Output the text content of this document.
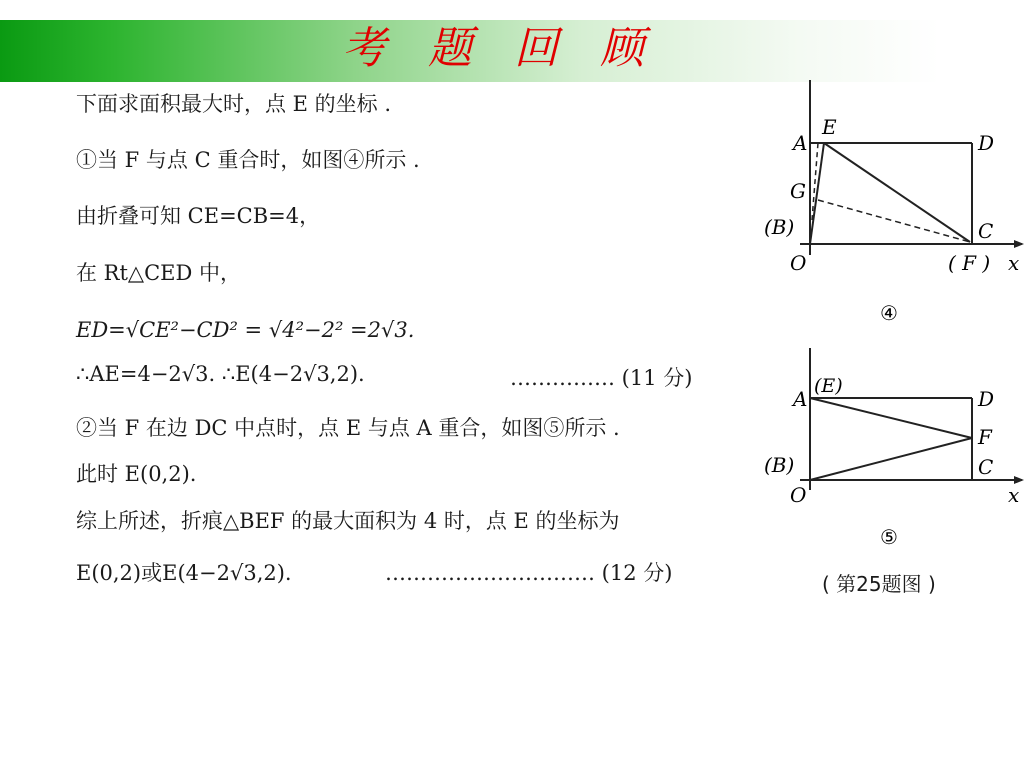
考 题 回 顾
下面求面积最大时，点 E 的坐标 .
①当 F 与点 C 重合时，如图④所示 .
由折叠可知 CE=CB=4，
在 Rt△CED 中，
ED=√CE²−CD² = √4²−2² =2√3.
∴AE=4−2√3. ∴E(4−2√3,2).	…………… (11 分)
②当 F 在边 DC 中点时，点 E 与点 A 重合，如图⑤所示 .
此时 E(0,2).
综上所述，折痕△BEF 的最大面积为 4 时，点 E 的坐标为
E(0,2)或E(4−2√3,2).	………………………… (12 分)
A
E
D
G
(B)	C
O	( F ) x
④
A
(E)
D
F
(B)	C
O	x
⑤
( 第25题图 )
